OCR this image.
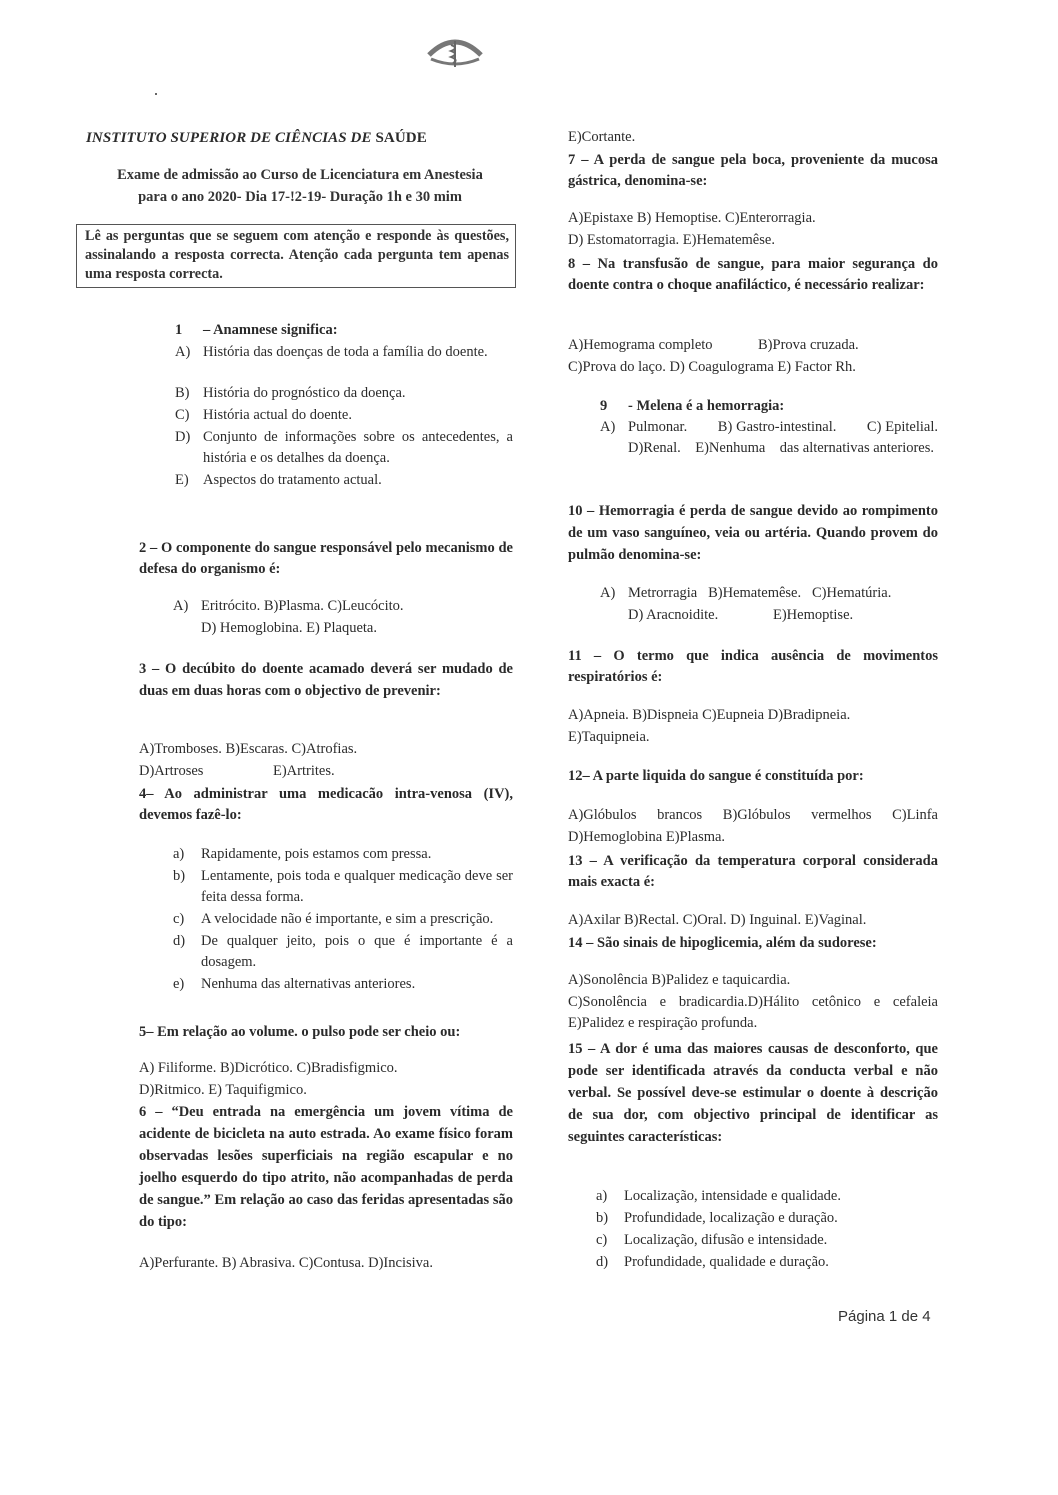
INSTITUTO SUPERIOR DE CIÊNCIAS DE SAÚDE
Exame de admissão ao Curso de Licenciatura em Anestesia
para o ano 2020- Dia 17-!2-19- Duração 1h e 30 mim
Lê as perguntas que se seguem com atenção e responde às questões, assinalando a resposta correcta. Atenção cada pergunta tem apenas uma resposta correcta.
1	– Anamnese significa:
A) História das doenças de toda a família do doente.
B) História do prognóstico da doença.
C) História actual do doente.
D) Conjunto de informações sobre os antecedentes, a história e os detalhes da doença.
E) Aspectos do tratamento actual.
2 – O componente do sangue responsável pelo mecanismo de defesa do organismo é:
A) Eritrócito. B)Plasma. C)Leucócito.
D) Hemoglobina. E) Plaqueta.
3 – O decúbito do doente acamado deverá ser mudado de duas em duas horas com o objectivo de prevenir:
A)Tromboses. B)Escaras. C)Atrofias.
D)Artroses	E)Artrites.
4– Ao administrar uma medicacão intra-venosa (IV), devemos fazê-lo:
a)	Rapidamente, pois estamos com pressa.
b)	Lentamente, pois toda e qualquer medicação deve ser feita dessa forma.
c)	A velocidade não é importante, e sim a prescrição.
d)	De qualquer jeito, pois o que é importante é a dosagem.
e)	Nenhuma das alternativas anteriores.
5– Em relação ao volume. o pulso pode ser cheio ou:
A) Filiforme. B)Dicrótico. C)Bradisfigmico.
D)Ritmico. E) Taquifigmico.
6 – “Deu entrada na emergência um jovem vítima de acidente de bicicleta na auto estrada. Ao exame físico foram observadas lesões superficiais na região escapular e no joelho esquerdo do tipo atrito, não acompanhadas de perda de sangue.” Em relação ao caso das feridas apresentadas são do tipo:
A)Perfurante. B) Abrasiva. C)Contusa. D)Incisiva.
E)Cortante.
7 – A perda de sangue pela boca, proveniente da mucosa gástrica, denomina-se:
A)Epistaxe B) Hemoptise. C)Enterorragia.
D) Estomatorragia. E)Hematemêse.
8 – Na transfusão de sangue, para maior segurança do doente contra o choque anafiláctico, é necessário realizar:
A)Hemograma completo	B)Prova cruzada.
C)Prova do laço. D) Coagulograma E) Factor Rh.
9	- Melena é a hemorragia:
A) Pulmonar.        B) Gastro-intestinal.        C) Epitelial.    D)Renal.    E)Nenhuma    das alternativas anteriores.
10 – Hemorragia é perda de sangue devido ao rompimento de um vaso sanguíneo, veia ou artéria. Quando provem do pulmão denomina-se:
A) Metrorragia   B)Hematemêse.   C)Hematúria.
D) Aracnoidite.	E)Hemoptise.
11 – O termo que indica ausência de movimentos respiratórios é:
A)Apneia. B)Dispneia C)Eupneia D)Bradipneia.
E)Taquipneia.
12– A parte liquida do sangue é constituída por:
A)Glóbulos brancos B)Glóbulos vermelhos C)Linfa
D)Hemoglobina E)Plasma.
13 – A verificação da temperatura corporal considerada mais exacta é:
A)Axilar B)Rectal. C)Oral. D) Inguinal. E)Vaginal.
14 – São sinais de hipoglicemia, além da sudorese:
A)Sonolência B)Palidez e taquicardia.
C)Sonolência e bradicardia.D)Hálito cetônico e cefaleia E)Palidez e respiração profunda.
15 – A dor é uma das maiores causas de desconforto, que pode ser identificada através da conducta verbal e não verbal. Se possível deve-se estimular o doente à descrição de sua dor, com objectivo principal de identificar as seguintes características:
a)	Localização, intensidade e qualidade.
b)	Profundidade, localização e duração.
c)	Localização, difusão e intensidade.
d)	Profundidade, qualidade e duração.
Página 1 de 4
